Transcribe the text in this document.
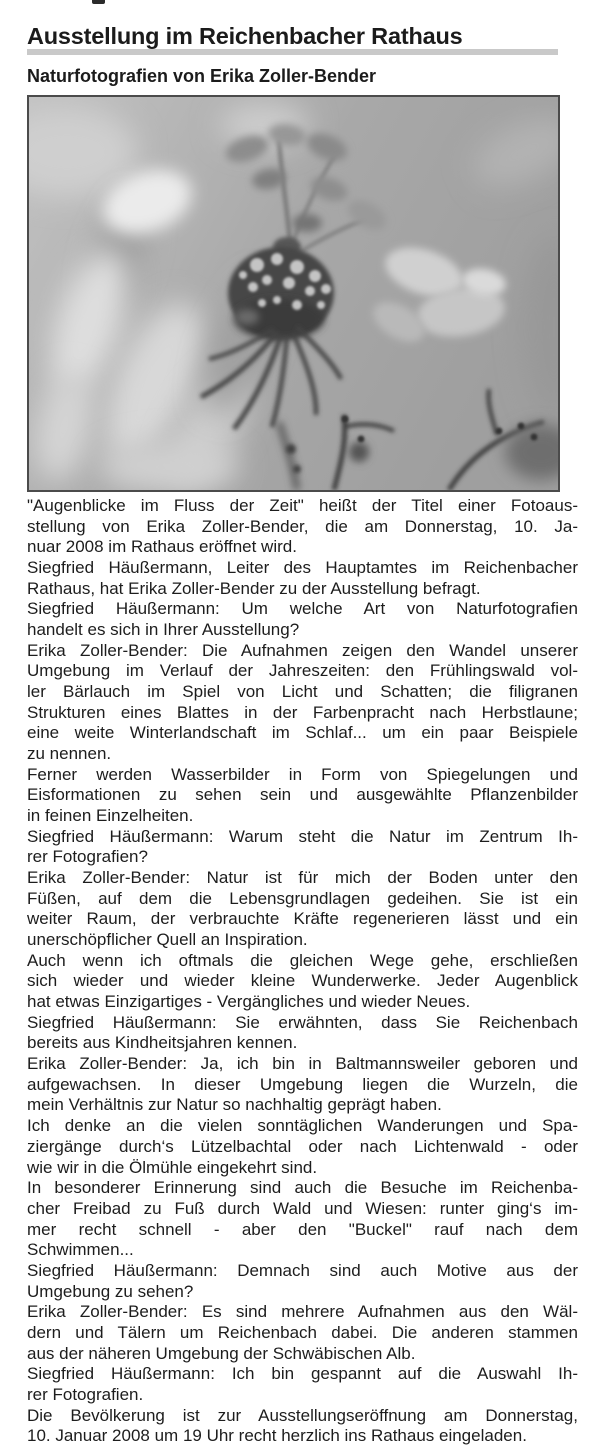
Ausstellung im Reichenbacher Rathaus
Naturfotografien von Erika Zoller-Bender
"Augenblicke im Fluss der Zeit" heißt der Titel einer Fotoaus-
stellung von Erika Zoller-Bender, die am Donnerstag, 10. Ja-
nuar 2008 im Rathaus eröffnet wird.
Siegfried Häußermann, Leiter des Hauptamtes im Reichenbacher
Rathaus, hat Erika Zoller-Bender zu der Ausstellung befragt.
Siegfried Häußermann: Um welche Art von Naturfotografien
handelt es sich in Ihrer Ausstellung?
Erika Zoller-Bender: Die Aufnahmen zeigen den Wandel unserer
Umgebung im Verlauf der Jahreszeiten: den Frühlingswald vol-
ler Bärlauch im Spiel von Licht und Schatten; die filigranen
Strukturen eines Blattes in der Farbenpracht nach Herbstlaune;
eine weite Winterlandschaft im Schlaf... um ein paar Beispiele
zu nennen.
Ferner werden Wasserbilder in Form von Spiegelungen und
Eisformationen zu sehen sein und ausgewählte Pflanzenbilder
in feinen Einzelheiten.
Siegfried Häußermann: Warum steht die Natur im Zentrum Ih-
rer Fotografien?
Erika Zoller-Bender: Natur ist für mich der Boden unter den
Füßen, auf dem die Lebensgrundlagen gedeihen. Sie ist ein
weiter Raum, der verbrauchte Kräfte regenerieren lässt und ein
unerschöpflicher Quell an Inspiration.
Auch wenn ich oftmals die gleichen Wege gehe, erschließen
sich wieder und wieder kleine Wunderwerke. Jeder Augenblick
hat etwas Einzigartiges - Vergängliches und wieder Neues.
Siegfried Häußermann: Sie erwähnten, dass Sie Reichenbach
bereits aus Kindheitsjahren kennen.
Erika Zoller-Bender: Ja, ich bin in Baltmannsweiler geboren und
aufgewachsen. In dieser Umgebung liegen die Wurzeln, die
mein Verhältnis zur Natur so nachhaltig geprägt haben.
Ich denke an die vielen sonntäglichen Wanderungen und Spa-
ziergänge durch‘s Lützelbachtal oder nach Lichtenwald - oder
wie wir in die Ölmühle eingekehrt sind.
In besonderer Erinnerung sind auch die Besuche im Reichenba-
cher Freibad zu Fuß durch Wald und Wiesen: runter ging‘s im-
mer recht schnell - aber den "Buckel" rauf nach dem
Schwimmen...
Siegfried Häußermann: Demnach sind auch Motive aus der
Umgebung zu sehen?
Erika Zoller-Bender: Es sind mehrere Aufnahmen aus den Wäl-
dern und Tälern um Reichenbach dabei. Die anderen stammen
aus der näheren Umgebung der Schwäbischen Alb.
Siegfried Häußermann: Ich bin gespannt auf die Auswahl Ih-
rer Fotografien.
Die Bevölkerung ist zur Ausstellungseröffnung am Donnerstag,
10. Januar 2008 um 19 Uhr recht herzlich ins Rathaus eingeladen.
